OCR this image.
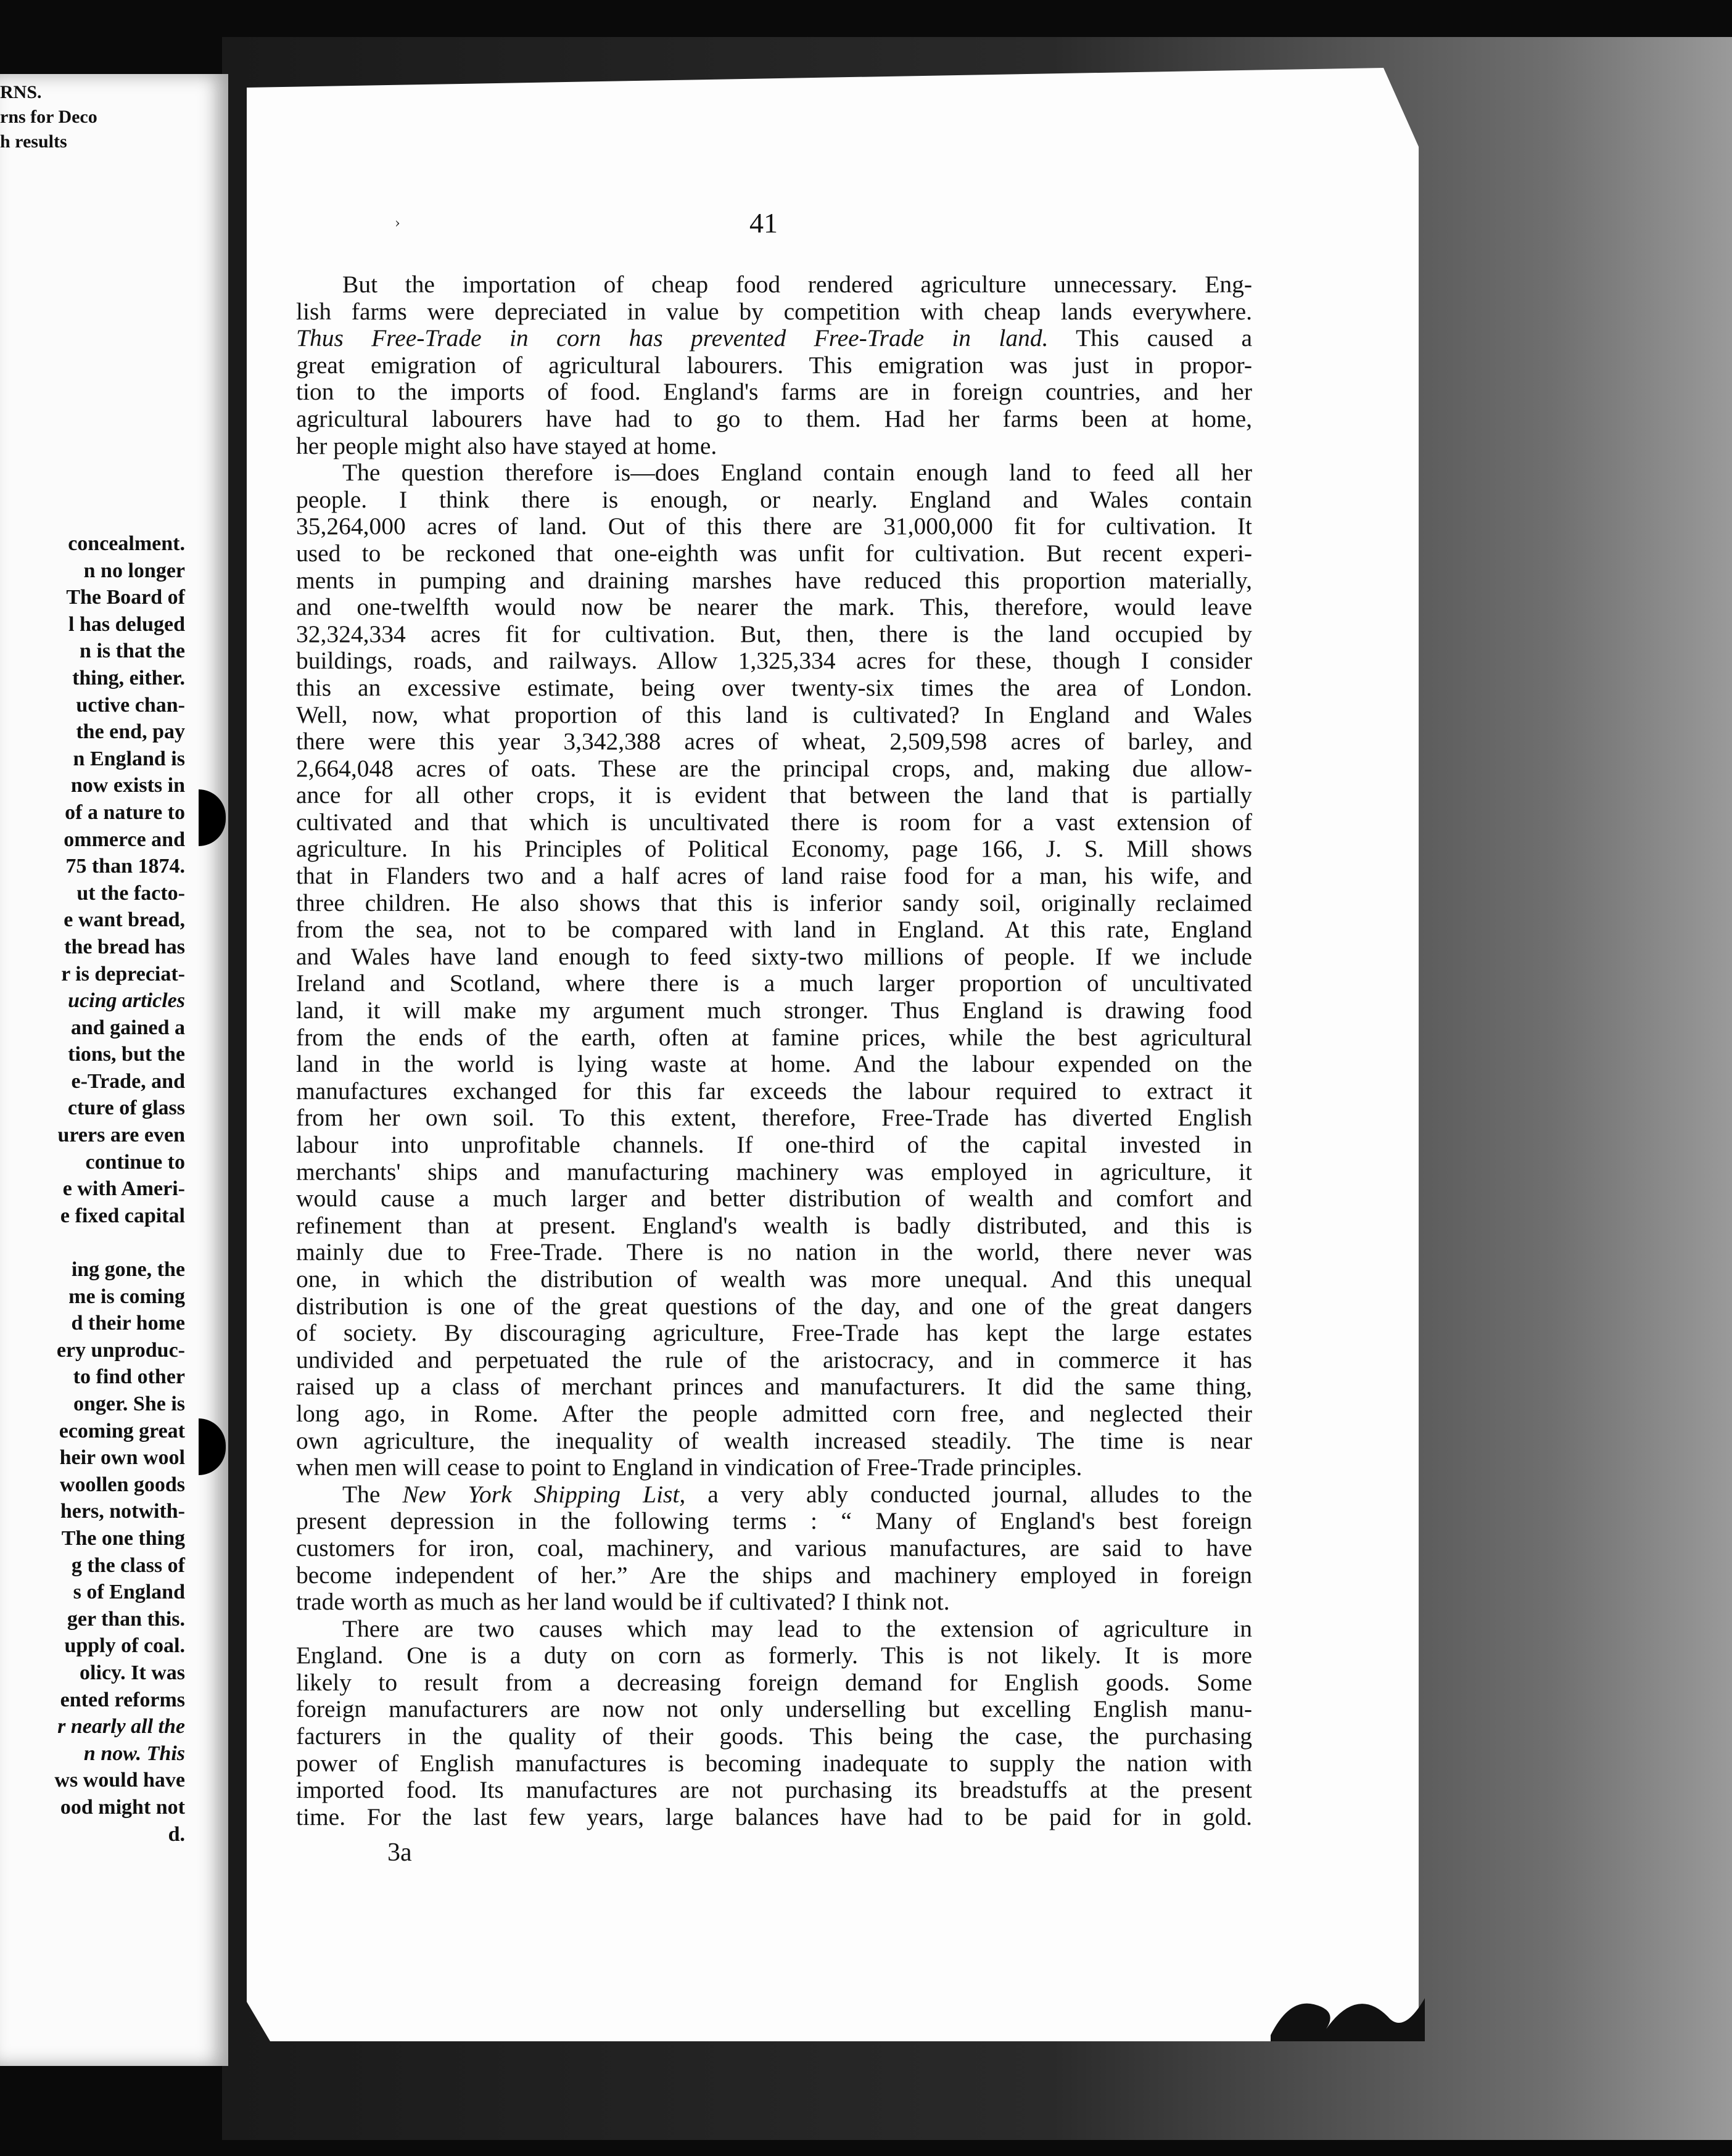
RNS.
rns for Deco
h results
concealment.
n no longer
The Board of
l has deluged
n is that the
thing, either.
uctive chan-
the end, pay
n England is
now exists in
of a nature to
ommerce and
75 than 1874.
ut the facto-
e want bread,
the bread has
r is depreciat-
ucing articles
and gained a
tions, but the
e-Trade, and
cture of glass
urers are even
continue to
e with Ameri-
e fixed capital
ing gone, the
me is coming
d their home
ery unproduc-
to find other
onger. She is
ecoming great
heir own wool
woollen goods
hers, notwith-
The one thing
g the class of
s of England
ger than this.
upply of coal.
olicy. It was
ented reforms
r nearly all the
n now. This
ws would have
ood might not
d.
›	41
But the importation of cheap food rendered agriculture unnecessary. Eng-
lish farms were depreciated in value by competition with cheap lands everywhere.
Thus Free-Trade in corn has prevented Free-Trade in land. This caused a
great emigration of agricultural labourers. This emigration was just in propor-
tion to the imports of food. England's farms are in foreign countries, and her
agricultural labourers have had to go to them. Had her farms been at home,
her people might also have stayed at home.
The question therefore is—does England contain enough land to feed all her
people. I think there is enough, or nearly. England and Wales contain
35,264,000 acres of land. Out of this there are 31,000,000 fit for cultivation. It
used to be reckoned that one-eighth was unfit for cultivation. But recent experi-
ments in pumping and draining marshes have reduced this proportion materially,
and one-twelfth would now be nearer the mark. This, therefore, would leave
32,324,334 acres fit for cultivation. But, then, there is the land occupied by
buildings, roads, and railways. Allow 1,325,334 acres for these, though I consider
this an excessive estimate, being over twenty-six times the area of London.
Well, now, what proportion of this land is cultivated? In England and Wales
there were this year 3,342,388 acres of wheat, 2,509,598 acres of barley, and
2,664,048 acres of oats. These are the principal crops, and, making due allow-
ance for all other crops, it is evident that between the land that is partially
cultivated and that which is uncultivated there is room for a vast extension of
agriculture. In his Principles of Political Economy, page 166, J. S. Mill shows
that in Flanders two and a half acres of land raise food for a man, his wife, and
three children. He also shows that this is inferior sandy soil, originally reclaimed
from the sea, not to be compared with land in England. At this rate, England
and Wales have land enough to feed sixty-two millions of people. If we include
Ireland and Scotland, where there is a much larger proportion of uncultivated
land, it will make my argument much stronger. Thus England is drawing food
from the ends of the earth, often at famine prices, while the best agricultural
land in the world is lying waste at home. And the labour expended on the
manufactures exchanged for this far exceeds the labour required to extract it
from her own soil. To this extent, therefore, Free-Trade has diverted English
labour into unprofitable channels. If one-third of the capital invested in
merchants' ships and manufacturing machinery was employed in agriculture, it
would cause a much larger and better distribution of wealth and comfort and
refinement than at present. England's wealth is badly distributed, and this is
mainly due to Free-Trade. There is no nation in the world, there never was
one, in which the distribution of wealth was more unequal. And this unequal
distribution is one of the great questions of the day, and one of the great dangers
of society. By discouraging agriculture, Free-Trade has kept the large estates
undivided and perpetuated the rule of the aristocracy, and in commerce it has
raised up a class of merchant princes and manufacturers. It did the same thing,
long ago, in Rome. After the people admitted corn free, and neglected their
own agriculture, the inequality of wealth increased steadily. The time is near
when men will cease to point to England in vindication of Free-Trade principles.
The New York Shipping List, a very ably conducted journal, alludes to the
present depression in the following terms : “ Many of England's best foreign
customers for iron, coal, machinery, and various manufactures, are said to have
become independent of her.” Are the ships and machinery employed in foreign
trade worth as much as her land would be if cultivated? I think not.
There are two causes which may lead to the extension of agriculture in
England. One is a duty on corn as formerly. This is not likely. It is more
likely to result from a decreasing foreign demand for English goods. Some
foreign manufacturers are now not only underselling but excelling English manu-
facturers in the quality of their goods. This being the case, the purchasing
power of English manufactures is becoming inadequate to supply the nation with
imported food. Its manufactures are not purchasing its breadstuffs at the present
time. For the last few years, large balances have had to be paid for in gold.
3a
